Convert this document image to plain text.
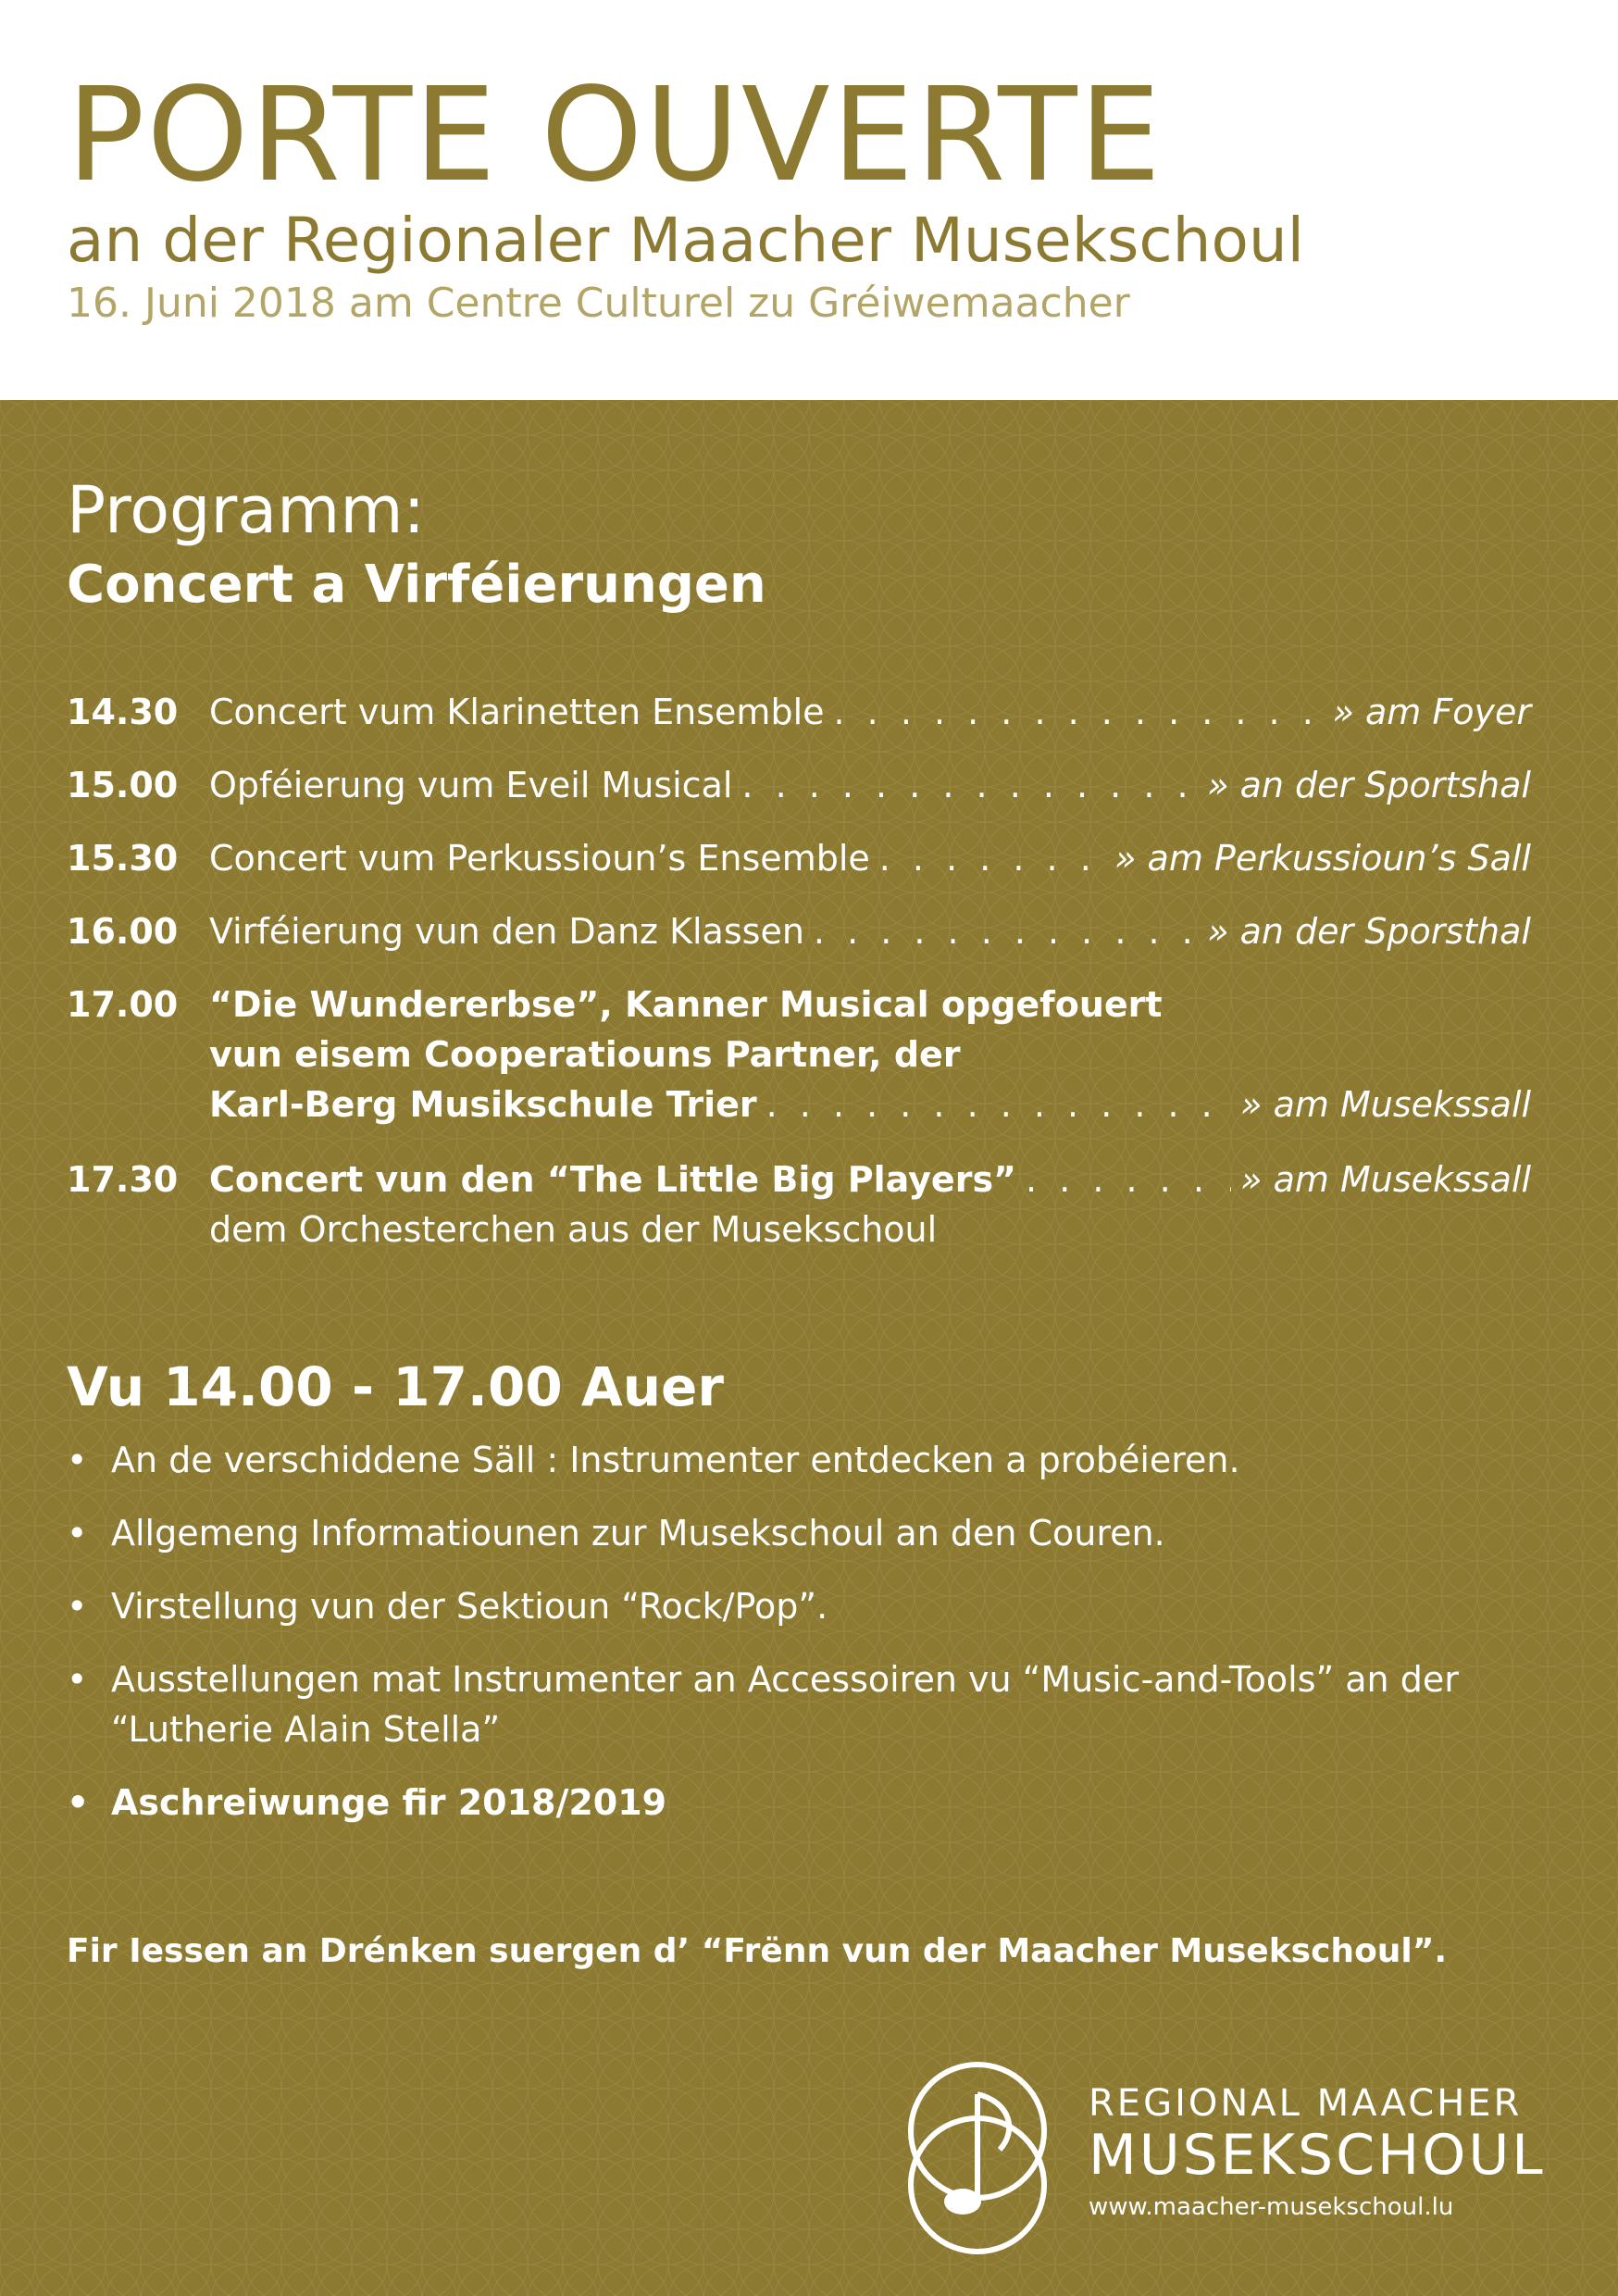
PORTE OUVERTE
an der Regionaler Maacher Musekschoul
16. Juni 2018 am Centre Culturel zu Gréiwemaacher
Programm:
Concert a Virféierungen
14.30 Concert vum Klarinetten Ensemble . . .	» am Foyer
15.00 Opféierung vum Eveil Musical . . .	» an der Sportshal
15.30 Concert vum Perkussioun’s Ensemble . . .	» am Perkussioun’s Sall
16.00 Virféierung vun den Danz Klassen . . .	» an der Sporsthal
17.00 “Die Wundererbse”, Kanner Musical opgefouert
vun eisem Cooperatiouns Partner, der
Karl-Berg Musikschule Trier . . .	» am Musekssall
17.30 Concert vun den “The Little Big Players” . . .	» am Musekssall
dem Orchesterchen aus der Musekschoul
Vu 14.00 - 17.00 Auer
• An de verschiddene Säll : Instrumenter entdecken a probéieren.
• Allgemeng Informatiounen zur Musekschoul an den Couren.
• Virstellung vun der Sektioun “Rock/Pop”.
• Ausstellungen mat Instrumenter an Accessoiren vu “Music-and-Tools” an der “Lutherie Alain Stella”
• Aschreiwunge fir 2018/2019
Fir Iessen an Drénken suergen d’ “Frënn vun der Maacher Musekschoul”.
REGIONAL MAACHER
MUSEKSCHOUL
www.maacher-musekschoul.lu
